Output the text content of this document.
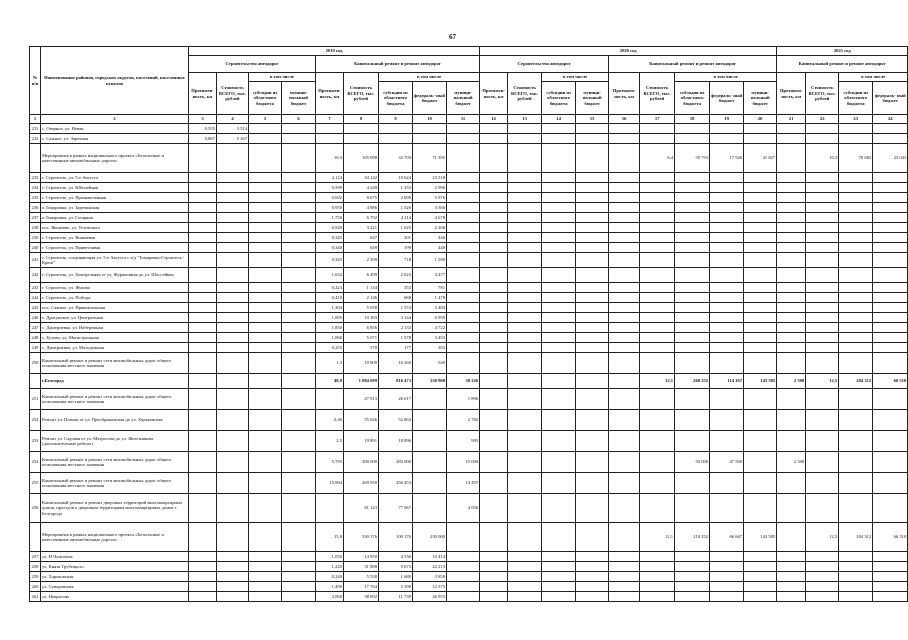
67
№ п/п	Наименование районов, городских округов, поселений, населенных пунктов	2019 год									2020 год									2021 год			
		Строительство автодорог				Капитальный ремонт и ремонт автодорог					Строительство автодорог				Капитальный ремонт и ремонт автодорог					Капитальный ремонт и ремонт автодорог			
		Протяжен- ность, км	Стоимость ВСЕГО, тыс. рублей	в том числе		Протяжен- ность, км	Стоимость ВСЕГО, тыс. рублей	в том числе			Протяжен- ность, км	Стоимость ВСЕГО, тыс. рублей	в том числе		Протяжен- ность, км	Стоимость ВСЕГО, тыс. рублей	в том числе			Протяжен- ность, км	Стоимость ВСЕГО, тыс. рублей	в том числе	
				субсидии из областного бюджета	муници- пальный бюджет			субсидии из областного бюджета	федераль- ный бюджет	муници- пальный бюджет			субсидии из областного бюджета	муници- пальный бюджет			субсидии из областного бюджета	федераль- ный бюджет	муници- пальный бюджет			субсидии из областного бюджета	федераль- ный бюджет
1	2	3	4	5	6	7	8	9	10	11	12	13	14	15	16	17	18	19	20	21	22	23	24
231	с. Озерное, ул. Новая	0,555	3 514																				
232	с. Сажное, ул. Заречная	0,867	5 167																				
	Мероприятия в рамках национального проекта «Безопасные и качественные автомобильные дороги»					16,3	105 098	33 703	71 395							6,4	59 753	17 926	41 827		10,3	70 683	23 043
233	г. Строитель, ул. 5-е Августа					2,114	34 142	10 624	23 518														
234	г. Строитель, ул. Юбилейная					0,599	4 249	1 253	2 996														
235	г. Строитель, ул. Промышленная					0,692	8 675	2 699	5 976														
236	п.Томаровка, ул. Заречинская					0,950	4 886	1 520	3 366														
237	п.Томаровка, ул. Гагарина					1,750	6 792	2 114	4 678														
238	пос. Яковлево, ул. Угловского					0,920	3 221	1 025	2 306														
239	г. Строитель, ул. Вишневая					0,345	647	201	446														
240	г. Строитель, ул. Приветливая					0,340	639	199	440														
241	г. Строитель, соединяющая ул. 5-е Августа с а/д "Томаровка-Строитель - Крюк"					0,345	2 309	718	1 590														
242	г. Строитель, ул. Центральная от ул. Журавлиная до ул. Шоссейная					1,652	6 499	2 022	4 477														
243	г. Строитель, ул. Жукова					0,223	1 134	353	781														
244	г. Строитель, ул. Победы					0,410	2 146	668	1 478														
245	пос. Сажное, ул. Привокзальная					1,304	5 058	1 574	3 484														
246	с. Драгунское, ул. Центральная					1,695	10 103	3 144	6 959														
247	с. Дмитриевка, ул. Набережная					1,830	6 856	2 133	4 722														
248	с. Бутово, ул. Магистральная					1,060	5 071	1 578	3 493														
249	с. Дмитриевка, ул. Молодежная					0,255	570	177	393														
250	Капитальный ремонт и ремонт сети автомобильных дорог общего пользования местного значения					1,3	10 800	10 260	540														
	г.Белгород					40,9	1 084 699	816 473	230 900	38 226						12,1	260 252	114 167	143 585	2 500	12,5	204 312	66 510
251	Капитальный ремонт и ремонт сети автомобильных дорог общего пользования местного значения						27 913	26 017		1 896													
252	Ремонт ул. Попова от ул. Преображенская до ул. Харьковская					0,46	55 646	52 864		2 782													
253	Ремонт ул. Садовая от ул. Матросова до ул. Железнякова (дополнительные работы)					2,5	19 891	18 896		995													
254	Капитальный ремонт и ремонт сети автомобильных дорог общего пользования местного значения					5,785	300 000	285 000		15 000							50 000	47 500		2 500			
255	Капитальный ремонт и ремонт сети автомобильных дорог общего пользования местного значения					15,984	269 950	256 453		13 497													
256	Капитальный ремонт и ремонт дворовых территорий многоквартирных домов, проездов к дворовым территориям многоквартирных домов г. Белгорода						81 123	77 067		4 056													
	Мероприятия в рамках национального проекта «Безопасные и качественные автомобильные дороги»					15,8	330 176	100 176	230 000							12,1	210 252	66 667	143 585		12,5	204 312	66 510
257	ул. Н.Чумичова					1,050	14 950	4 536	10 414														
258	ул. Князя Трубецкого					1,220	31 888	9 675	22 213														
259	ул. Харьковская					0,240	5 538	1 680	3 858														
260	ул. Суворовская					1,490	17 764	5 390	12 375														
261	ул. Некрасова					2,060	38 692	11 739	26 953														
